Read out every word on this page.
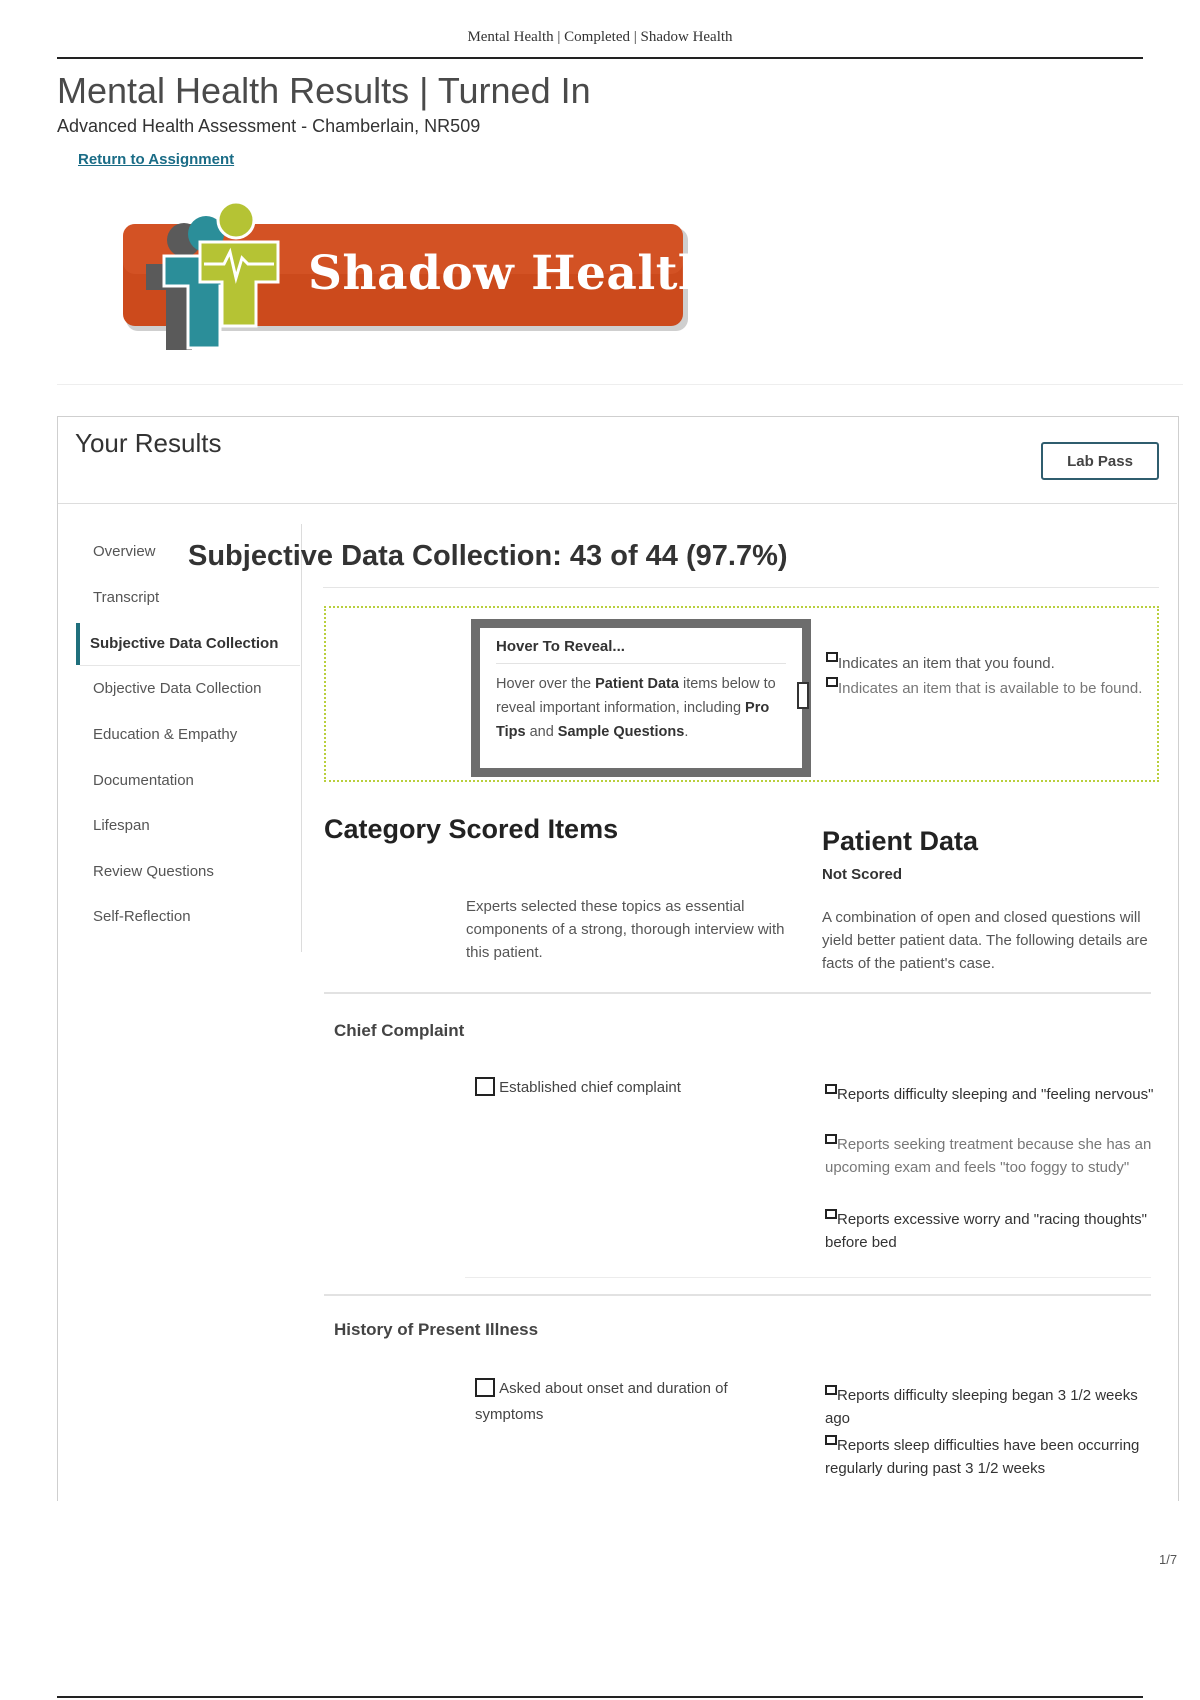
Mental Health | Completed | Shadow Health
Mental Health Results | Turned In
Advanced Health Assessment - Chamberlain, NR509
Return to Assignment
Shadow Health®
Your Results
Lab Pass
Overview
Transcript
Subjective Data Collection
Objective Data Collection
Education & Empathy
Documentation
Lifespan
Review Questions
Self-Reflection
Subjective Data Collection: 43 of 44 (97.7%)
Hover To Reveal...
Hover over the Patient Data items below to reveal important information, including Pro Tips and Sample Questions.
Indicates an item that you found.
Indicates an item that is available to be found.
Category Scored Items	Patient Data
Not Scored
Experts selected these topics as essential components of a strong, thorough interview with this patient.
A combination of open and closed questions will yield better patient data. The following details are facts of the patient's case.
Chief Complaint
Established chief complaint	Reports difficulty sleeping and "feeling nervous"
Reports seeking treatment because she has an upcoming exam and feels "too foggy to study"
Reports excessive worry and "racing thoughts" before bed
History of Present Illness
Asked about onset and duration of symptoms
Reports difficulty sleeping began 3 1/2 weeks ago
Reports sleep difficulties have been occurring regularly during past 3 1/2 weeks
1/7
